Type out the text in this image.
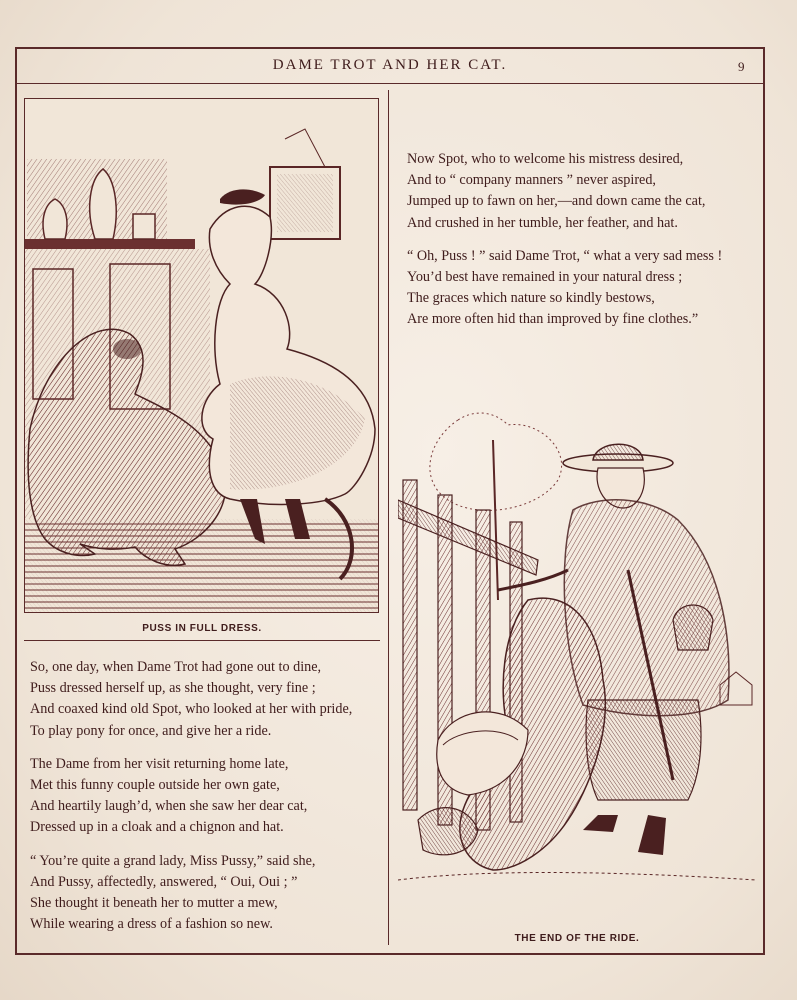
DAME TROT AND HER CAT.	9
PUSS IN FULL DRESS.
Now Spot, who to welcome his mistress desired,
And to “ company manners ” never aspired,
Jumped up to fawn on her,—and down came the cat,
And crushed in her tumble, her feather, and hat.
“ Oh, Puss ! ” said Dame Trot, “ what a very sad mess !
You’d best have remained in your natural dress ;
The graces which nature so kindly bestows,
Are more often hid than improved by fine clothes.”
THE END OF THE RIDE.
So, one day, when Dame Trot had gone out to dine,
Puss dressed herself up, as she thought, very fine ;
And coaxed kind old Spot, who looked at her with pride,
To play pony for once, and give her a ride.
The Dame from her visit returning home late,
Met this funny couple outside her own gate,
And heartily laugh’d, when she saw her dear cat,
Dressed up in a cloak and a chignon and hat.
“ You’re quite a grand lady, Miss Pussy,” said she,
And Pussy, affectedly, answered, “ Oui, Oui ; ”
She thought it beneath her to mutter a mew,
While wearing a dress of a fashion so new.
